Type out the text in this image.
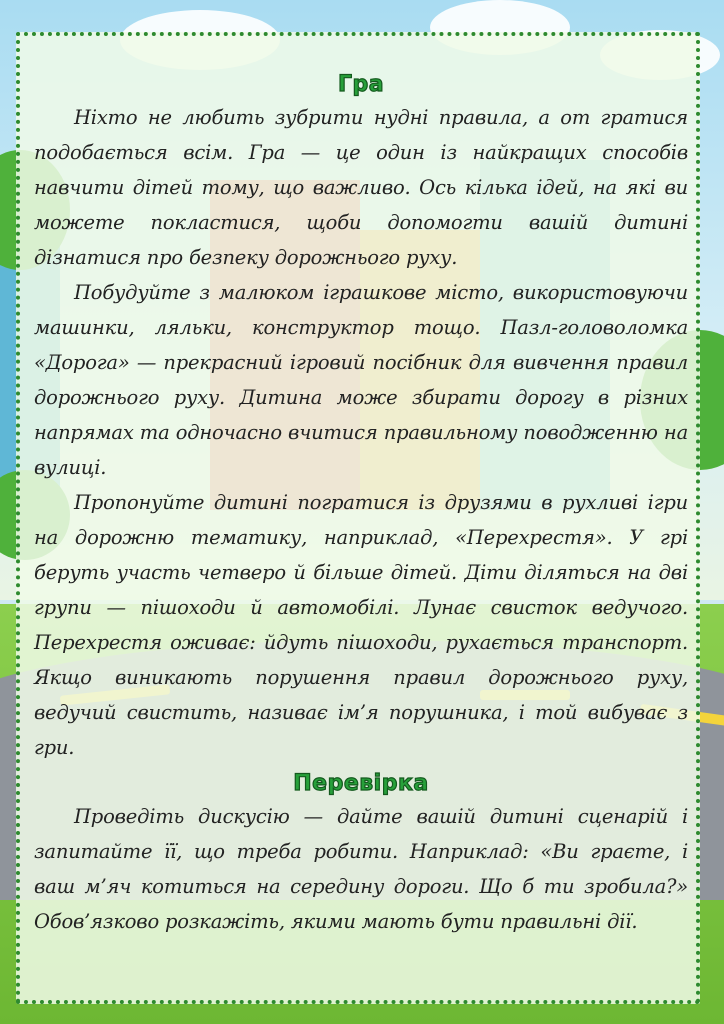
Гра

Ніхто не любить зубрити нудні правила, а от гратися подобається всім. Гра — це один із найкращих способів навчити дітей тому, що важливо. Ось кілька ідей, на які ви можете покластися, щоби допомогти вашій дитині дізнатися про безпеку дорожнього руху.

Побудуйте з малюком іграшкове місто, використовуючи машинки, ляльки, конструктор тощо. Пазл-головоломка «Дорога» — прекрасний ігровий посібник для вивчення правил дорожнього руху. Дитина може збирати дорогу в різних напрямах та одночасно вчитися правильному поводженню на вулиці.

Пропонуйте дитині погратися із друзями в рухливі ігри на дорожню тематику, наприклад, «Перехрестя». У грі беруть участь четверо й більше дітей. Діти діляться на дві групи — пішоходи й автомобілі. Лунає свисток ведучого. Перехрестя оживає: йдуть пішоходи, рухається транспорт. Якщо виникають порушення правил дорожнього руху, ведучий свистить, називає ім’я порушника, і той вибуває з гри.

Перевірка

Проведіть дискусію — дайте вашій дитині сценарій і запитайте її, що треба робити. Наприклад: «Ви граєте, і ваш м’яч котиться на середину дороги. Що б ти зробила?» Обов’язково розкажіть, якими мають бути правильні дії.
